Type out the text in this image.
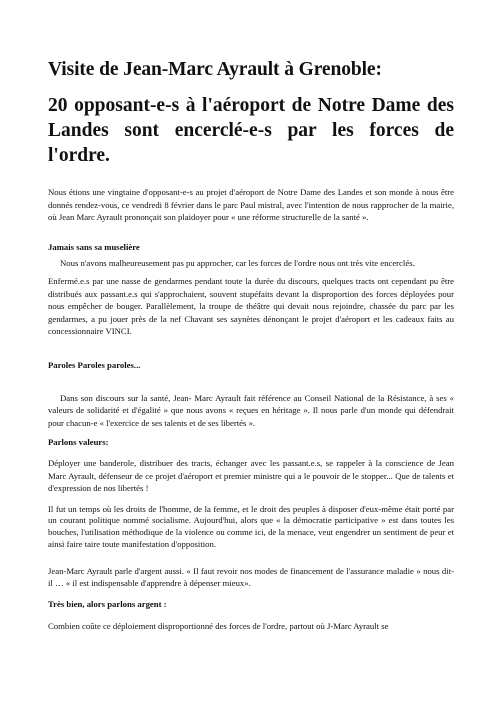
Visite de Jean-Marc Ayrault à Grenoble:
20 opposant-e-s à l'aéroport de Notre Dame des Landes sont encerclé-e-s par les forces de l'ordre.

Nous étions une vingtaine d'opposant-e-s au projet d'aéroport de Notre Dame des Landes et son monde à nous être donnés rendez-vous, ce vendredi 8 février dans le parc Paul mistral, avec l'intention de nous rapprocher de la mairie, où Jean Marc Ayrault prononçait son plaidoyer pour « une réforme structurelle de la santé ».

Jamais sans sa muselière

Nous n'avons malheureusement pas pu approcher, car les forces de l'ordre nous ont très vite encerclés.

Enfermé.e.s par une nasse de gendarmes pendant toute la durée du discours, quelques tracts ont cependant pu être distribués aux passant.e.s qui s'approchaient, souvent stupéfaits devant la disproportion des forces déployées pour nous empêcher de bouger. Parallèlement, la troupe de théâtre qui devait nous rejoindre, chassée du parc par les gendarmes, a pu jouer près de la nef Chavant ses saynètes dénonçant le projet d'aéroport et les cadeaux faits au concessionnaire VINCI.

Paroles Paroles paroles...

Dans son discours sur la santé, Jean- Marc Ayrault fait référence au Conseil National de la Résistance, à ses « valeurs de solidarité et d'égalité » que nous avons « reçues en héritage ». Il nous parle d'un monde qui défendrait pour chacun-e « l'exercice de ses talents et de ses libertés ».

Parlons valeurs:

Déployer une banderole, distribuer des tracts, échanger avec les passant.e.s, se rappeler à la conscience de Jean Marc Ayrault, défenseur de ce projet d'aéroport et premier ministre qui a le pouvoir de le stopper... Que de talents et d'expression de nos libertés !

Il fut un temps où les droits de l'homme, de la femme, et le droit des peuples à disposer d'eux-même était porté par un courant politique nommé socialisme. Aujourd'hui, alors que « la démocratie participative » est dans toutes les bouches, l'utilisation méthodique de la violence ou comme ici, de la menace, veut engendrer un sentiment de peur et ainsi faire taire toute manifestation d'opposition.

Jean-Marc Ayrault parle d'argent aussi. « Il faut revoir nos modes de financement de l'assurance maladie » nous dit-il … « il est indispensable d'apprendre à dépenser mieux».

Très bien, alors parlons argent :

Combien coûte ce déploiement disproportionné des forces de l'ordre, partout où J-Marc Ayrault se
